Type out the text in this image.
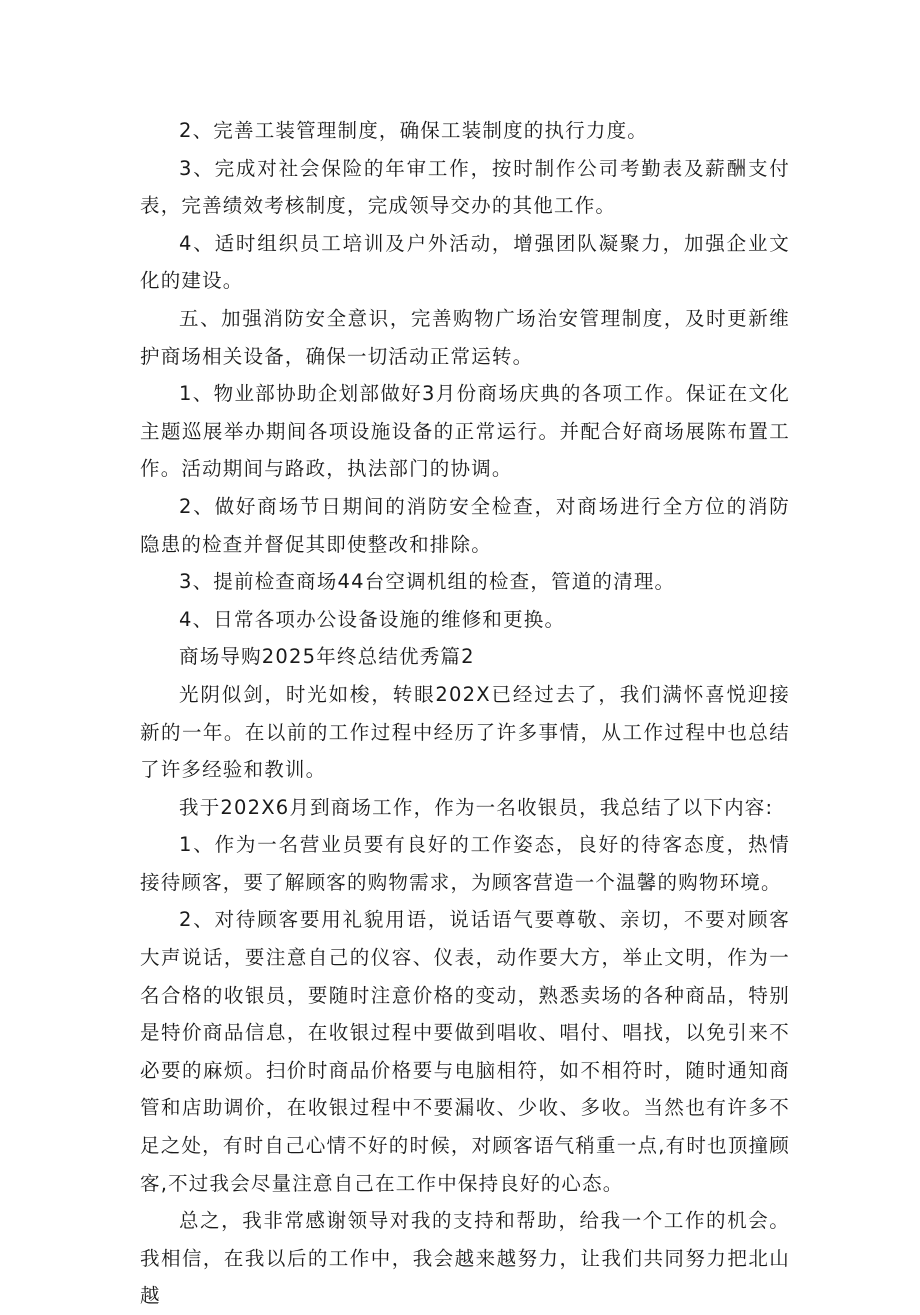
2、完善工装管理制度，确保工装制度的执行力度。

3、完成对社会保险的年审工作，按时制作公司考勤表及薪酬支付表，完善绩效考核制度，完成领导交办的其他工作。

4、适时组织员工培训及户外活动，增强团队凝聚力，加强企业文化的建设。

五、加强消防安全意识，完善购物广场治安管理制度，及时更新维护商场相关设备，确保一切活动正常运转。

1、物业部协助企划部做好3月份商场庆典的各项工作。保证在文化主题巡展举办期间各项设施设备的正常运行。并配合好商场展陈布置工作。活动期间与路政，执法部门的协调。

2、做好商场节日期间的消防安全检查，对商场进行全方位的消防隐患的检查并督促其即使整改和排除。

3、提前检查商场44台空调机组的检查，管道的清理。

4、日常各项办公设备设施的维修和更换。

商场导购2025年终总结优秀篇2

光阴似剑，时光如梭，转眼202X已经过去了，我们满怀喜悦迎接新的一年。在以前的工作过程中经历了许多事情，从工作过程中也总结了许多经验和教训。

我于202X6月到商场工作，作为一名收银员，我总结了以下内容:

1、作为一名营业员要有良好的工作姿态，良好的待客态度，热情接待顾客，要了解顾客的购物需求，为顾客营造一个温馨的购物环境。

2、对待顾客要用礼貌用语，说话语气要尊敬、亲切，不要对顾客大声说话，要注意自己的仪容、仪表，动作要大方，举止文明，作为一名合格的收银员，要随时注意价格的变动，熟悉卖场的各种商品，特别是特价商品信息，在收银过程中要做到唱收、唱付、唱找，以免引来不必要的麻烦。扫价时商品价格要与电脑相符，如不相符时，随时通知商管和店助调价，在收银过程中不要漏收、少收、多收。当然也有许多不足之处，有时自己心情不好的时候，对顾客语气稍重一点,有时也顶撞顾客,不过我会尽量注意自己在工作中保持良好的心态。

总之，我非常感谢领导对我的支持和帮助，给我一个工作的机会。我相信，在我以后的工作中，我会越来越努力，让我们共同努力把北山越
